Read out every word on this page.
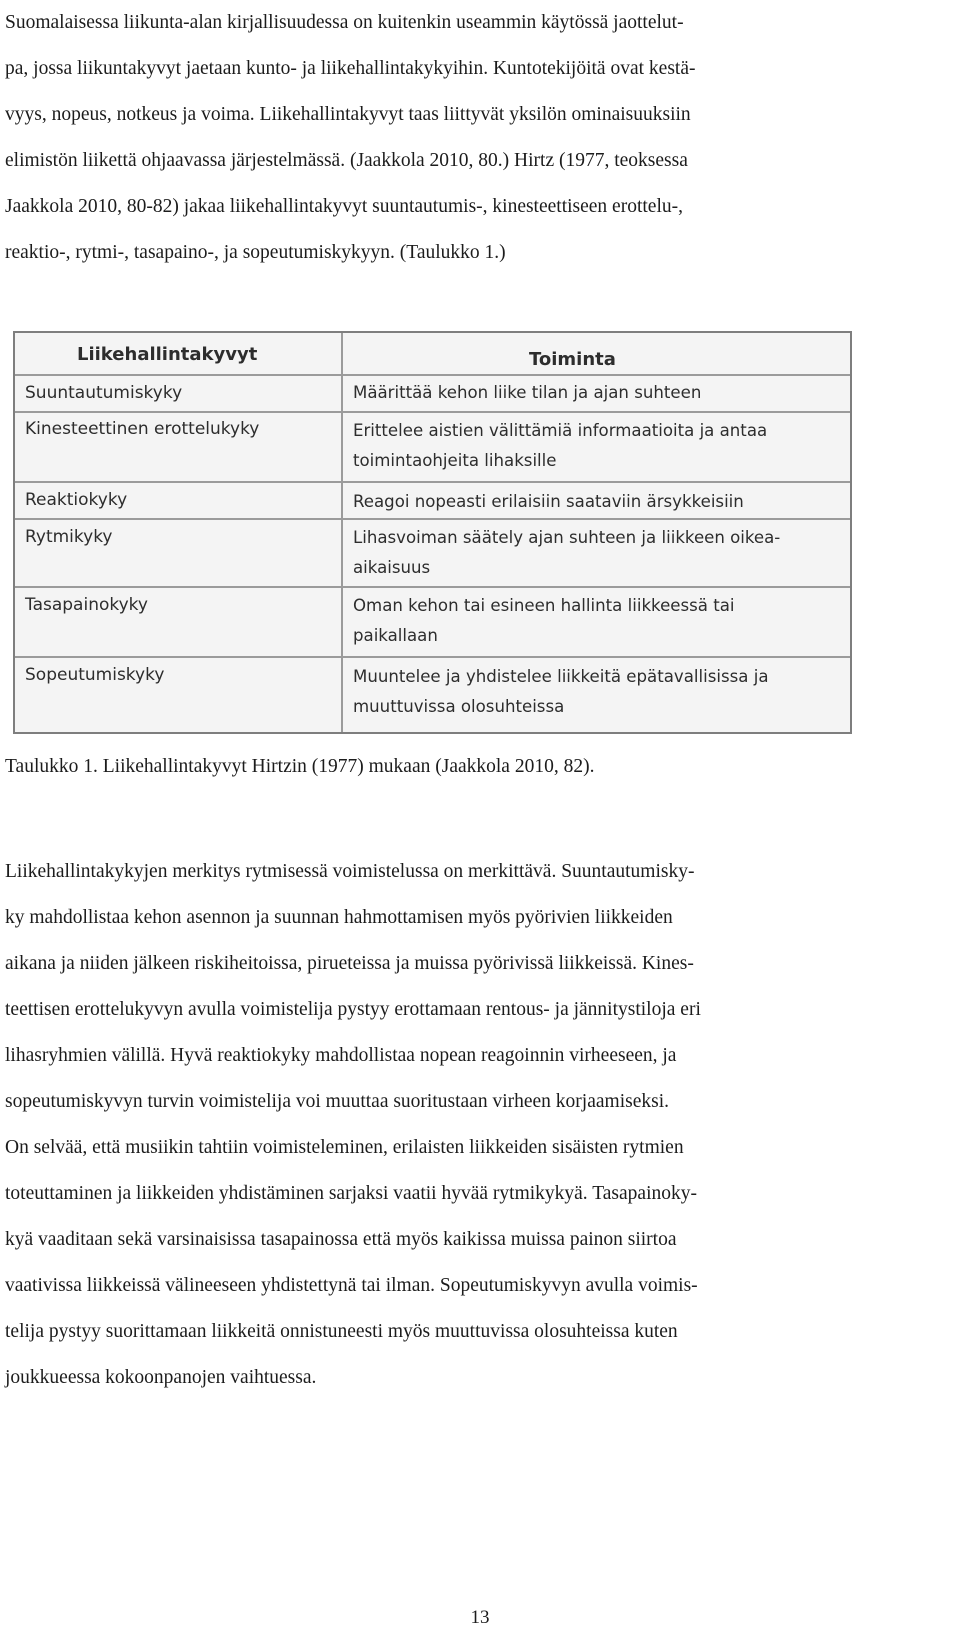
Suomalaisessa liikunta-alan kirjallisuudessa on kuitenkin useammin käytössä jaottelut-
pa, jossa liikuntakyvyt jaetaan kunto- ja liikehallintakykyihin. Kuntotekijöitä ovat kestä-
vyys, nopeus, notkeus ja voima. Liikehallintakyvyt taas liittyvät yksilön ominaisuuksiin
elimistön liikettä ohjaavassa järjestelmässä. (Jaakkola 2010, 80.) Hirtz (1977, teoksessa
Jaakkola 2010, 80-82) jakaa liikehallintakyvyt suuntautumis-, kinesteettiseen erottelu-,
reaktio-, rytmi-, tasapaino-, ja sopeutumiskykyyn. (Taulukko 1.)
Liikehallintakyvyt	Toiminta
Suuntautumiskyky	Määrittää kehon liike tilan ja ajan suhteen
Kinesteettinen erottelukyky	Erittelee aistien välittämiä informaatioita ja antaa
toimintaohjeita lihaksille
Reaktiokyky	Reagoi nopeasti erilaisiin saataviin ärsykkeisiin
Rytmikyky	Lihasvoiman säätely ajan suhteen ja liikkeen oikea-
aikaisuus
Tasapainokyky	Oman kehon tai esineen hallinta liikkeessä tai
paikallaan
Sopeutumiskyky	Muuntelee ja yhdistelee liikkeitä epätavallisissa ja
muuttuvissa olosuhteissa

Taulukko 1. Liikehallintakyvyt Hirtzin (1977) mukaan (Jaakkola 2010, 82).

Liikehallintakykyjen merkitys rytmisessä voimistelussa on merkittävä. Suuntautumisky-
ky mahdollistaa kehon asennon ja suunnan hahmottamisen myös pyörivien liikkeiden
aikana ja niiden jälkeen riskiheitoissa, pirueteissa ja muissa pyörivissä liikkeissä. Kines-
teettisen erottelukyvyn avulla voimistelija pystyy erottamaan rentous- ja jännitystiloja eri
lihasryhmien välillä. Hyvä reaktiokyky mahdollistaa nopean reagoinnin virheeseen, ja
sopeutumiskyvyn turvin voimistelija voi muuttaa suoritustaan virheen korjaamiseksi.
On selvää, että musiikin tahtiin voimisteleminen, erilaisten liikkeiden sisäisten rytmien
toteuttaminen ja liikkeiden yhdistäminen sarjaksi vaatii hyvää rytmikykyä. Tasapainoky-
kyä vaaditaan sekä varsinaisissa tasapainossa että myös kaikissa muissa painon siirtoa
vaativissa liikkeissä välineeseen yhdistettynä tai ilman. Sopeutumiskyvyn avulla voimis-
telija pystyy suorittamaan liikkeitä onnistuneesti myös muuttuvissa olosuhteissa kuten
joukkueessa kokoonpanojen vaihtuessa.
13
